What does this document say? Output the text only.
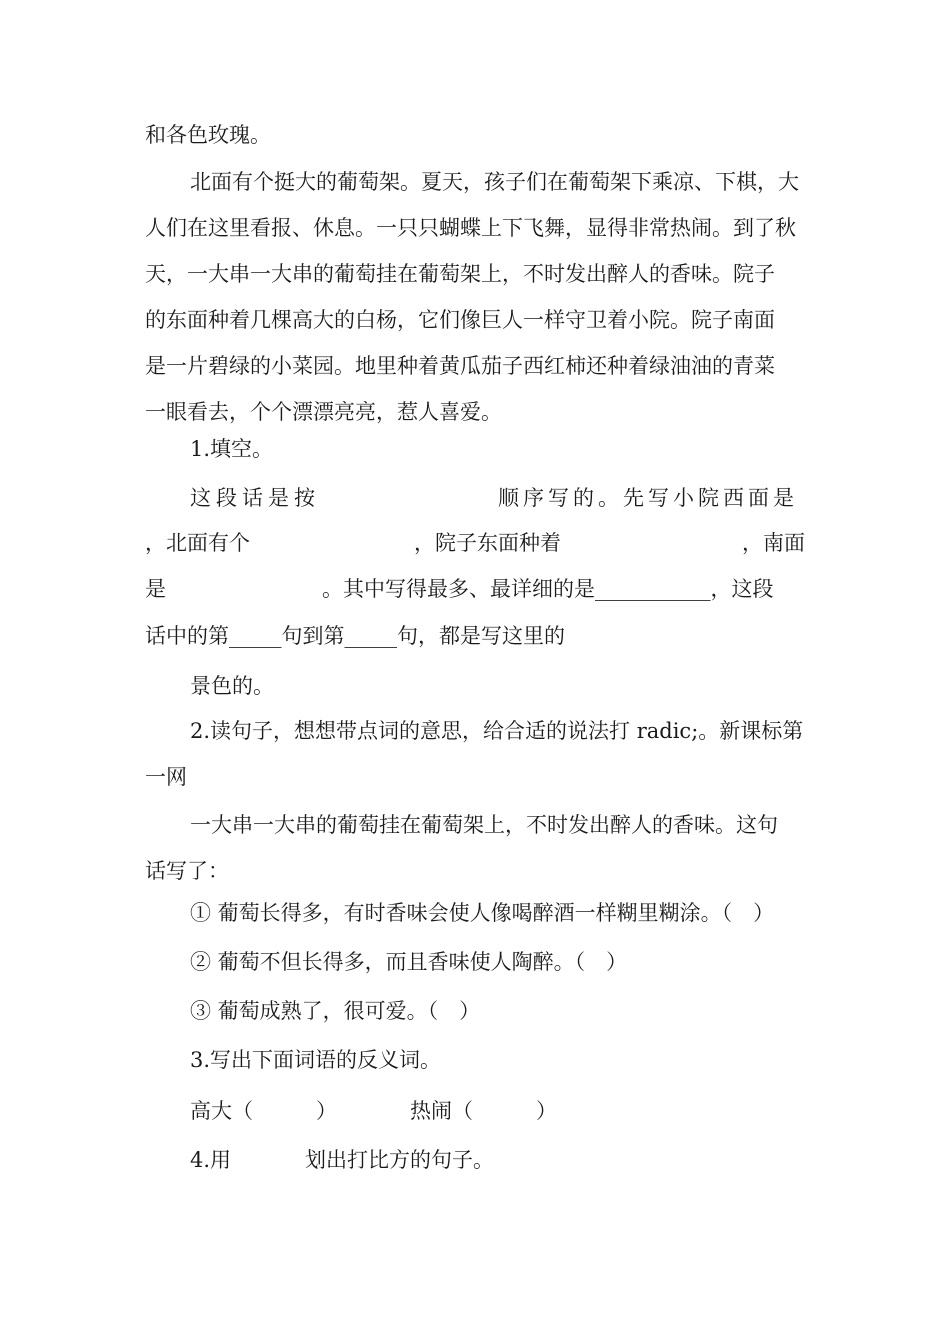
和各色玫瑰。
北面有个挺大的葡萄架。夏天，孩子们在葡萄架下乘凉、下棋，大
人们在这里看报、休息。一只只蝴蝶上下飞舞，显得非常热闹。到了秋
天，一大串一大串的葡萄挂在葡萄架上，不时发出醉人的香味。院子
的东面种着几棵高大的白杨，它们像巨人一样守卫着小院。院子南面
是一片碧绿的小菜园。地里种着黄瓜茄子西红柿还种着绿油油的青菜
一眼看去，个个漂漂亮亮，惹人喜爱。
1.填空。
这段话是按	顺序写的。先写小院西面是
，北面有个	，院子东面种着	，南面
是	。其中写得最多、最详细的是___________，这段
话中的第_____句到第_____句，都是写这里的
景色的。
2.读句子，想想带点词的意思，给合适的说法打 radic;。新课标第
一网
一大串一大串的葡萄挂在葡萄架上，不时发出醉人的香味。这句
话写了：
① 葡萄长得多，有时香味会使人像喝醉酒一样糊里糊涂。（　）
② 葡萄不但长得多，而且香味使人陶醉。（　）
③ 葡萄成熟了，很可爱。（　）
3.写出下面词语的反义词。
高大（　　　）	热闹（　　　）
4.用	划出打比方的句子。
